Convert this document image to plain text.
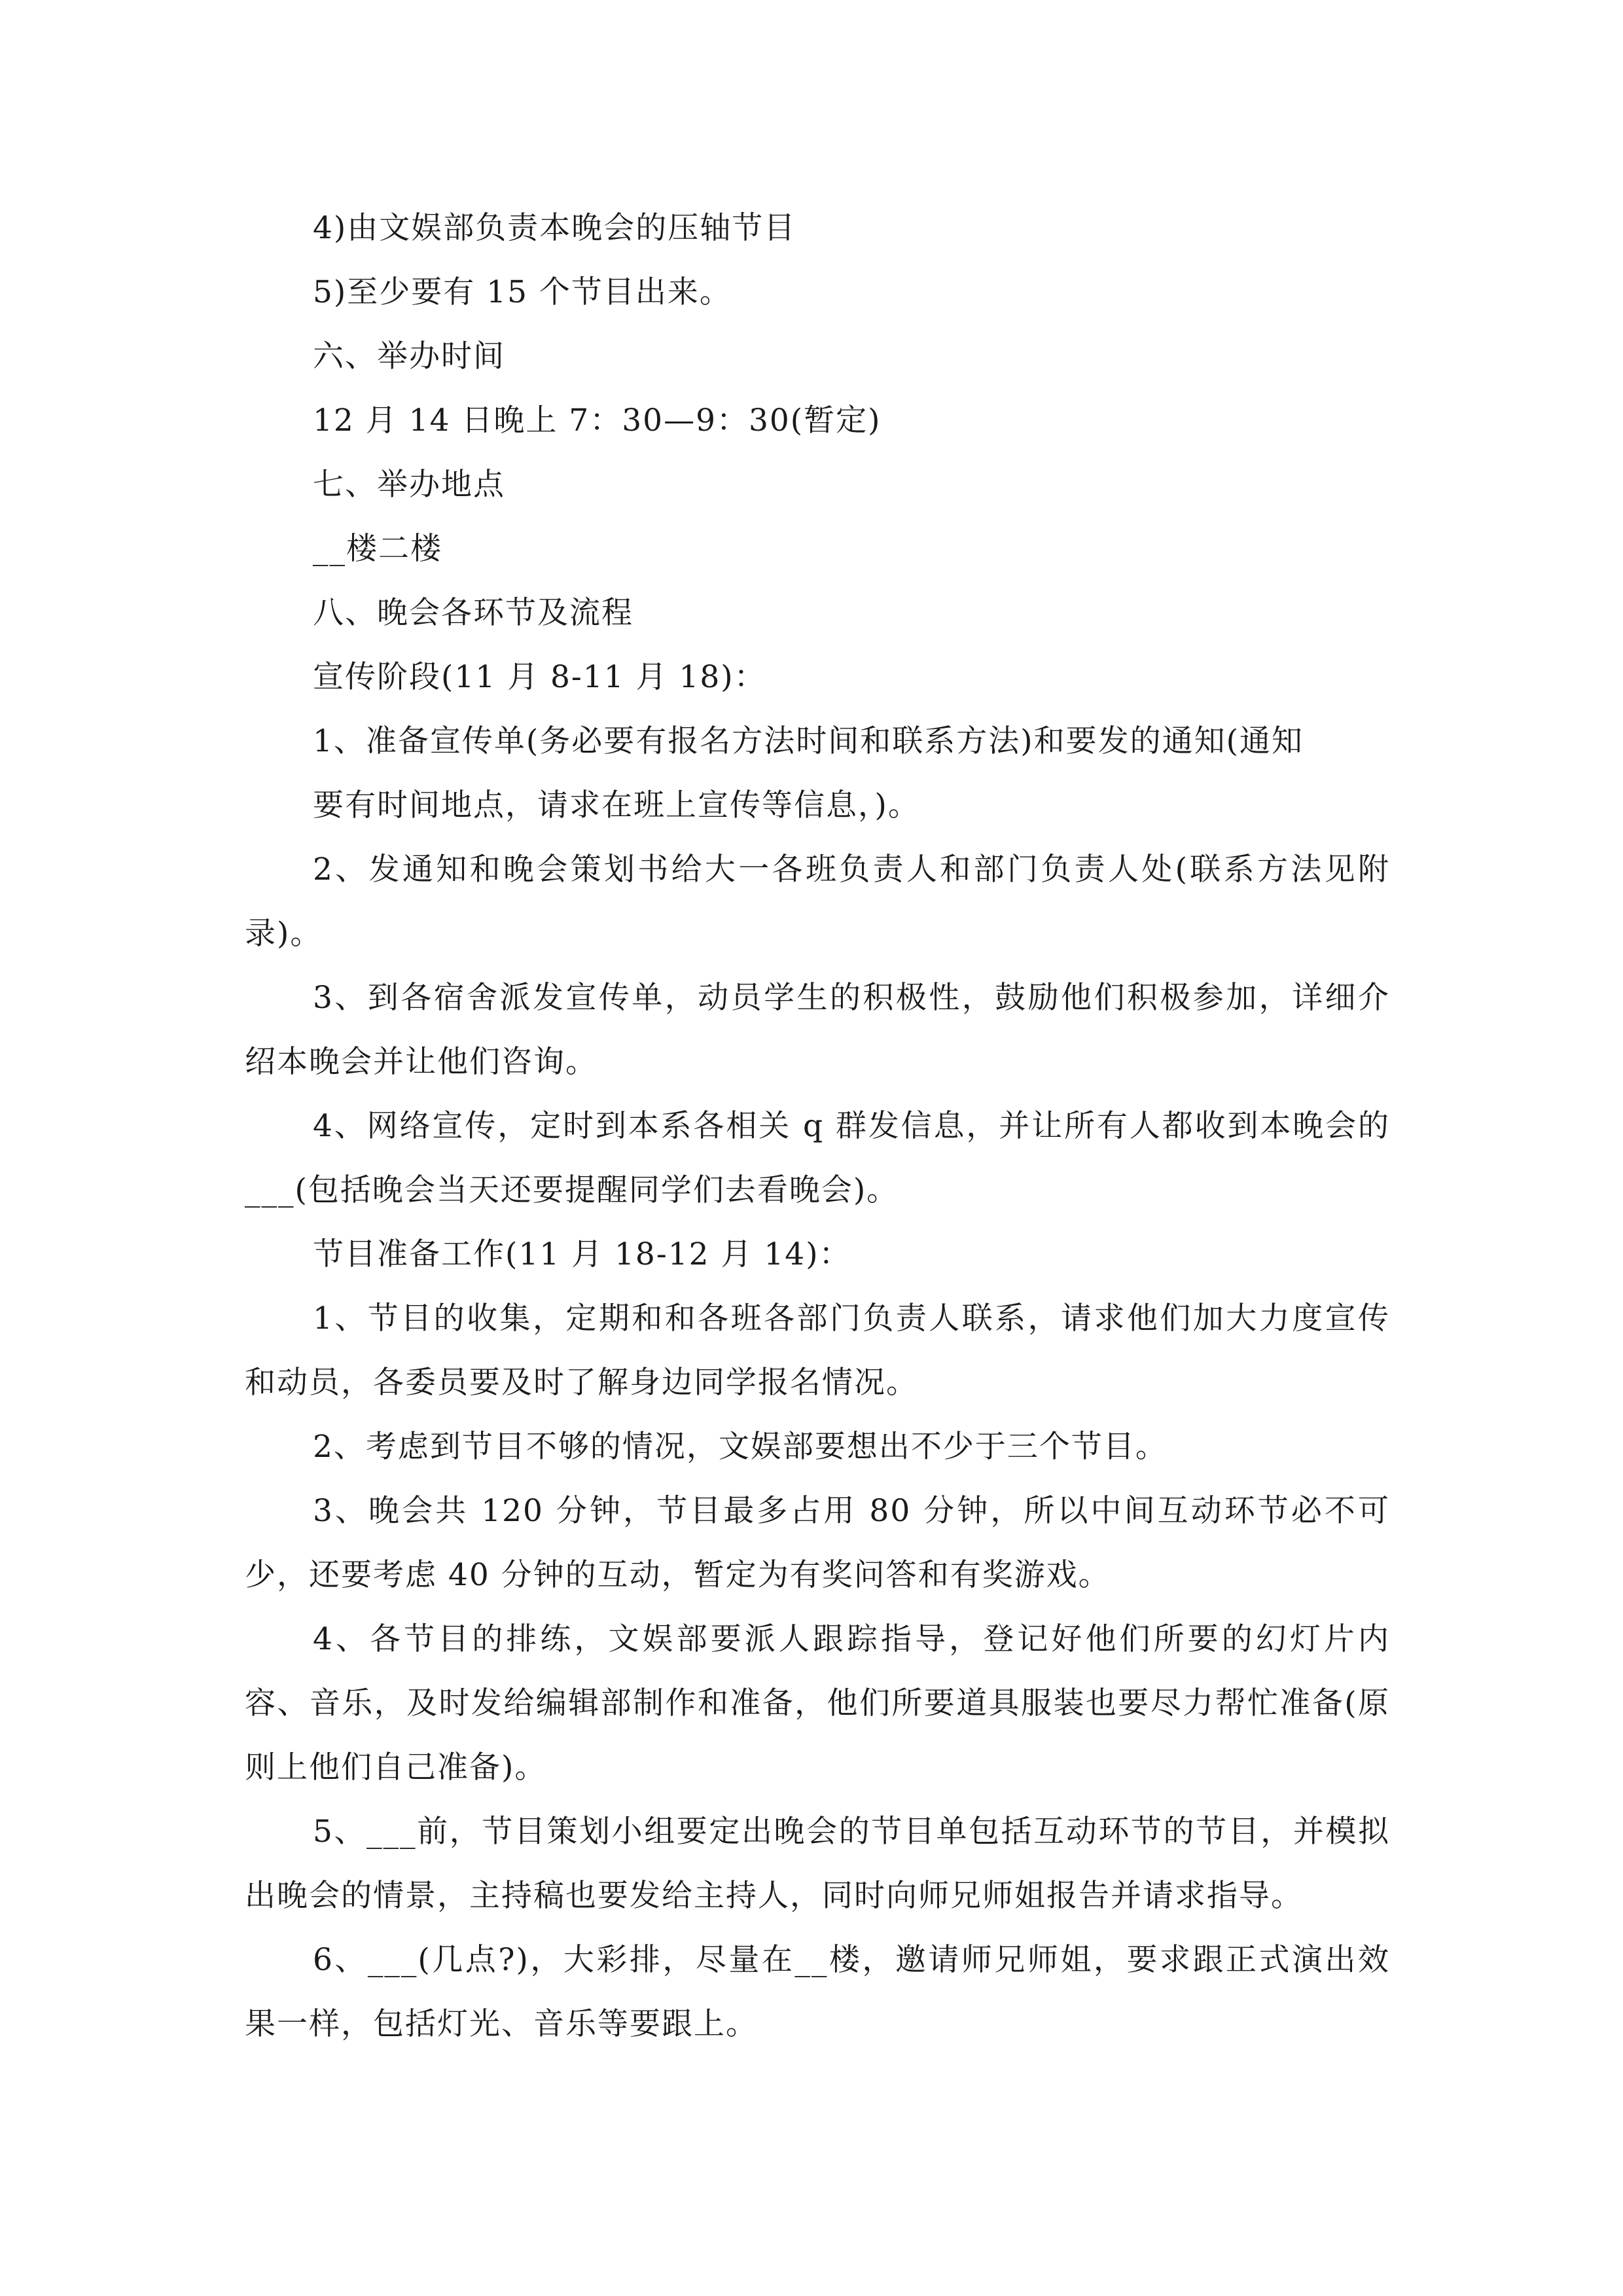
4)由文娱部负责本晚会的压轴节目
5)至少要有 15 个节目出来。
六、举办时间
12 月 14 日晚上 7：30—9：30(暂定)
七、举办地点
__楼二楼
八、晚会各环节及流程
宣传阶段(11 月 8-11 月 18)：
1、准备宣传单(务必要有报名方法时间和联系方法)和要发的通知(通知
要有时间地点，请求在班上宣传等信息，)。
2、发通知和晚会策划书给大一各班负责人和部门负责人处(联系方法见附录)。
3、到各宿舍派发宣传单，动员学生的积极性，鼓励他们积极参加，详细介绍本晚会并让他们咨询。
4、网络宣传，定时到本系各相关 q 群发信息，并让所有人都收到本晚会的___(包括晚会当天还要提醒同学们去看晚会)。
节目准备工作(11 月 18-12 月 14)：
1、节目的收集，定期和和各班各部门负责人联系，请求他们加大力度宣传和动员，各委员要及时了解身边同学报名情况。
2、考虑到节目不够的情况，文娱部要想出不少于三个节目。
3、晚会共 120 分钟，节目最多占用 80 分钟，所以中间互动环节必不可少，还要考虑 40 分钟的互动，暂定为有奖问答和有奖游戏。
4、各节目的排练，文娱部要派人跟踪指导，登记好他们所要的幻灯片内容、音乐，及时发给编辑部制作和准备，他们所要道具服装也要尽力帮忙准备(原则上他们自己准备)。
5、___前，节目策划小组要定出晚会的节目单包括互动环节的节目，并模拟出晚会的情景，主持稿也要发给主持人，同时向师兄师姐报告并请求指导。
6、___(几点?)，大彩排，尽量在__楼，邀请师兄师姐，要求跟正式演出效果一样，包括灯光、音乐等要跟上。
